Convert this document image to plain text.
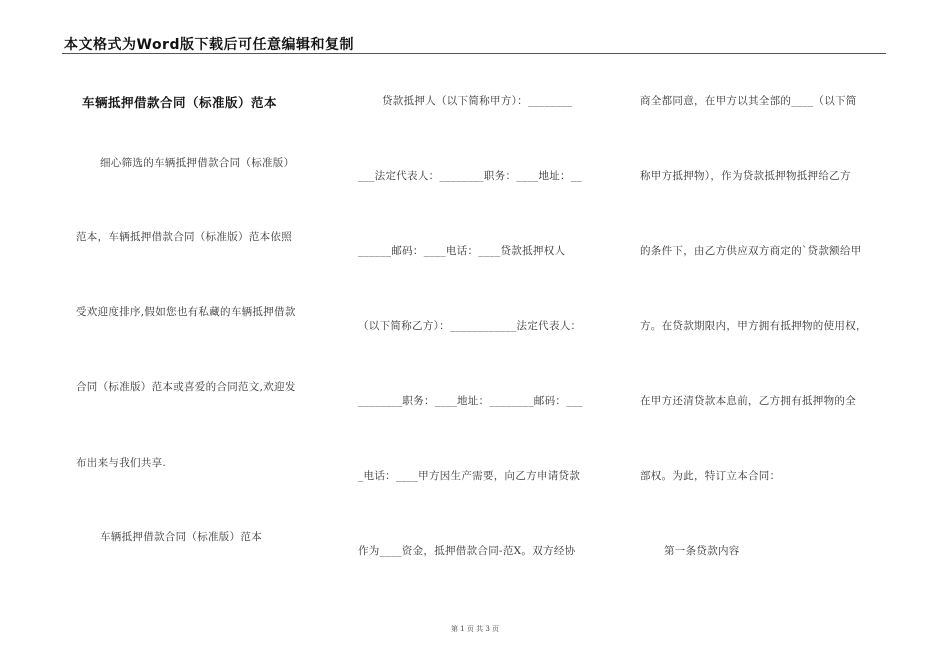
本文格式为Word版下载后可任意编辑和复制
车辆抵押借款合同（标准版）范本
细心筛选的车辆抵押借款合同（标准版）
范本，车辆抵押借款合同（标准版）范本依照
受欢迎度排序,假如您也有私藏的车辆抵押借款
合同（标准版）范本或喜爱的合同范文,欢迎发
布出来与我们共享.
车辆抵押借款合同（标准版）范本
贷款抵押人（以下简称甲方）：________
___法定代表人：________职务：____地址：__
______邮码：____电话：____贷款抵押权人
（以下简称乙方）：____________法定代表人：
________职务：____地址：________邮码：___
_电话：____甲方因生产需要，向乙方申请贷款
作为____资金，抵押借款合同-范X。双方经协
商全都同意，在甲方以其全部的____（以下简
称甲方抵押物），作为贷款抵押物抵押给乙方
的条件下，由乙方供应双方商定的`贷款额给甲
方。在贷款期限内，甲方拥有抵押物的使用权，
在甲方还清贷款本息前，乙方拥有抵押物的全
部权。为此，特订立本合同：
第一条贷款内容
第 1 页 共 3 页
